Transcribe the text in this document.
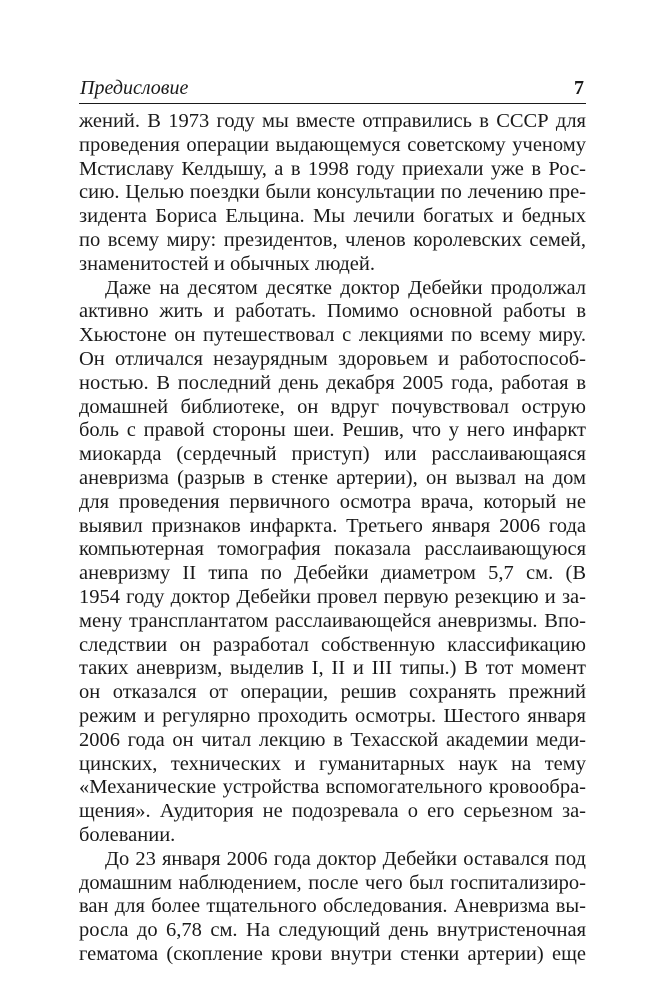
Предисловие	7
жений. В 1973 году мы вместе отправились в СССР для
проведения операции выдающемуся советскому ученому
Мстиславу Келдышу, а в 1998 году приехали уже в Рос-
сию. Целью поездки были консультации по лечению пре-
зидента Бориса Ельцина. Мы лечили богатых и бедных
по всему миру: президентов, членов королевских семей,
знаменитостей и обычных людей.
Даже на десятом десятке доктор Дебейки продолжал
активно жить и работать. Помимо основной работы в
Хьюстоне он путешествовал с лекциями по всему миру.
Он отличался незаурядным здоровьем и работоспособ-
ностью. В последний день декабря 2005 года, работая в
домашней библиотеке, он вдруг почувствовал острую
боль с правой стороны шеи. Решив, что у него инфаркт
миокарда (сердечный приступ) или расслаивающаяся
аневризма (разрыв в стенке артерии), он вызвал на дом
для проведения первичного осмотра врача, который не
выявил признаков инфаркта. Третьего января 2006 года
компьютерная томография показала расслаивающуюся
аневризму II типа по Дебейки диаметром 5,7 см. (В
1954 году доктор Дебейки провел первую резекцию и за-
мену трансплантатом расслаивающейся аневризмы. Впо-
следствии он разработал собственную классификацию
таких аневризм, выделив I, II и III типы.) В тот момент
он отказался от операции, решив сохранять прежний
режим и регулярно проходить осмотры. Шестого января
2006 года он читал лекцию в Техасской академии меди-
цинских, технических и гуманитарных наук на тему
«Механические устройства вспомогательного кровообра-
щения». Аудитория не подозревала о его серьезном за-
болевании.
До 23 января 2006 года доктор Дебейки оставался под
домашним наблюдением, после чего был госпитализиро-
ван для более тщательного обследования. Аневризма вы-
росла до 6,78 см. На следующий день внутристеночная
гематома (скопление крови внутри стенки артерии) еще
